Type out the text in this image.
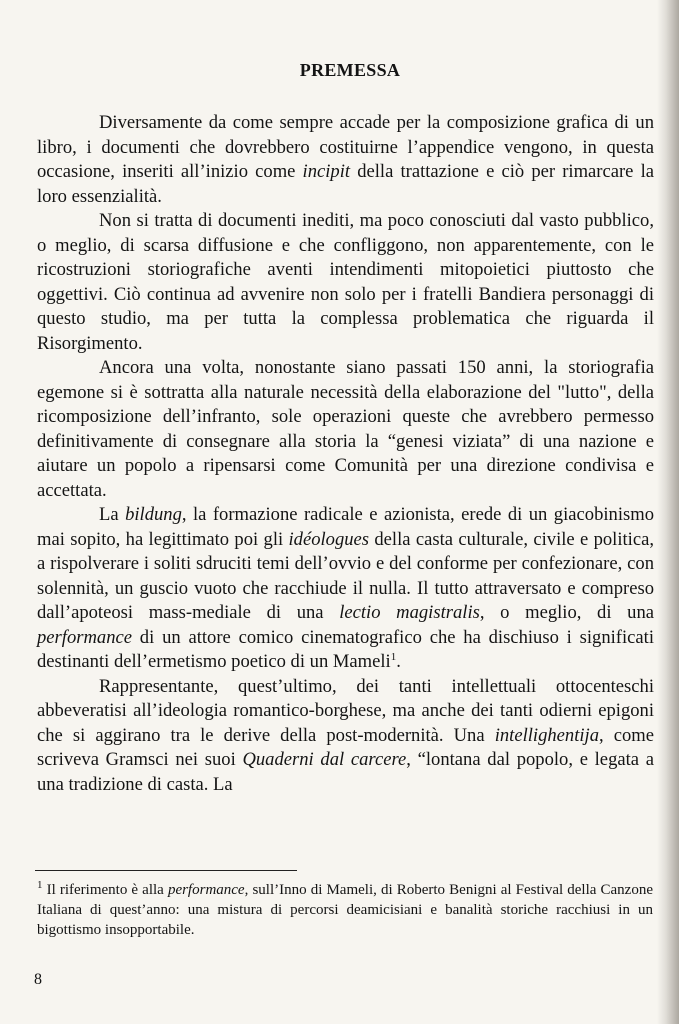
PREMESSA

Diversamente da come sempre accade per la composizione grafica di un libro, i documenti che dovrebbero costituirne l’appendice vengono, in questa occasione, inseriti all’inizio come incipit della trattazione e ciò per rimarcare la loro essenzialità.

Non si tratta di documenti inediti, ma poco conosciuti dal vasto pubblico, o meglio, di scarsa diffusione e che confliggono, non apparentemente, con le ricostruzioni storiografiche aventi intendimenti mitopoietici piuttosto che oggettivi. Ciò continua ad avvenire non solo per i fratelli Bandiera personaggi di questo studio, ma per tutta la complessa problematica che riguarda il Risorgimento.

Ancora una volta, nonostante siano passati 150 anni, la storiografia egemone si è sottratta alla naturale necessità della elaborazione del "lutto", della ricomposizione dell’infranto, sole operazioni queste che avrebbero permesso definitivamente di consegnare alla storia la “genesi viziata” di una nazione e aiutare un popolo a ripensarsi come Comunità per una direzione condivisa e accettata.

La bildung, la formazione radicale e azionista, erede di un giacobinismo mai sopito, ha legittimato poi gli idéologues della casta culturale, civile e politica, a rispolverare i soliti sdruciti temi dell’ovvio e del conforme per confezionare, con solennità, un guscio vuoto che racchiude il nulla. Il tutto attraversato e compreso dall’apoteosi mass-mediale di una lectio magistralis, o meglio, di una performance di un attore comico cinematografico che ha dischiuso i significati destinanti dell’ermetismo poetico di un Mameli$^1$.

Rappresentante, quest’ultimo, dei tanti intellettuali ottocenteschi abbeveratisi all’ideologia romantico-borghese, ma anche dei tanti odierni epigoni che si aggirano tra le derive della post-modernità. Una intellighentija, come scriveva Gramsci nei suoi Quaderni dal carcere, “lontana dal popolo, e legata a una tradizione di casta. La

$^1$ Il riferimento è alla performance, sull’Inno di Mameli, di Roberto Benigni al Festival della Canzone Italiana di quest’anno: una mistura di percorsi deamicisiani e banalità storiche racchiusi in un bigottismo insopportabile.
8
